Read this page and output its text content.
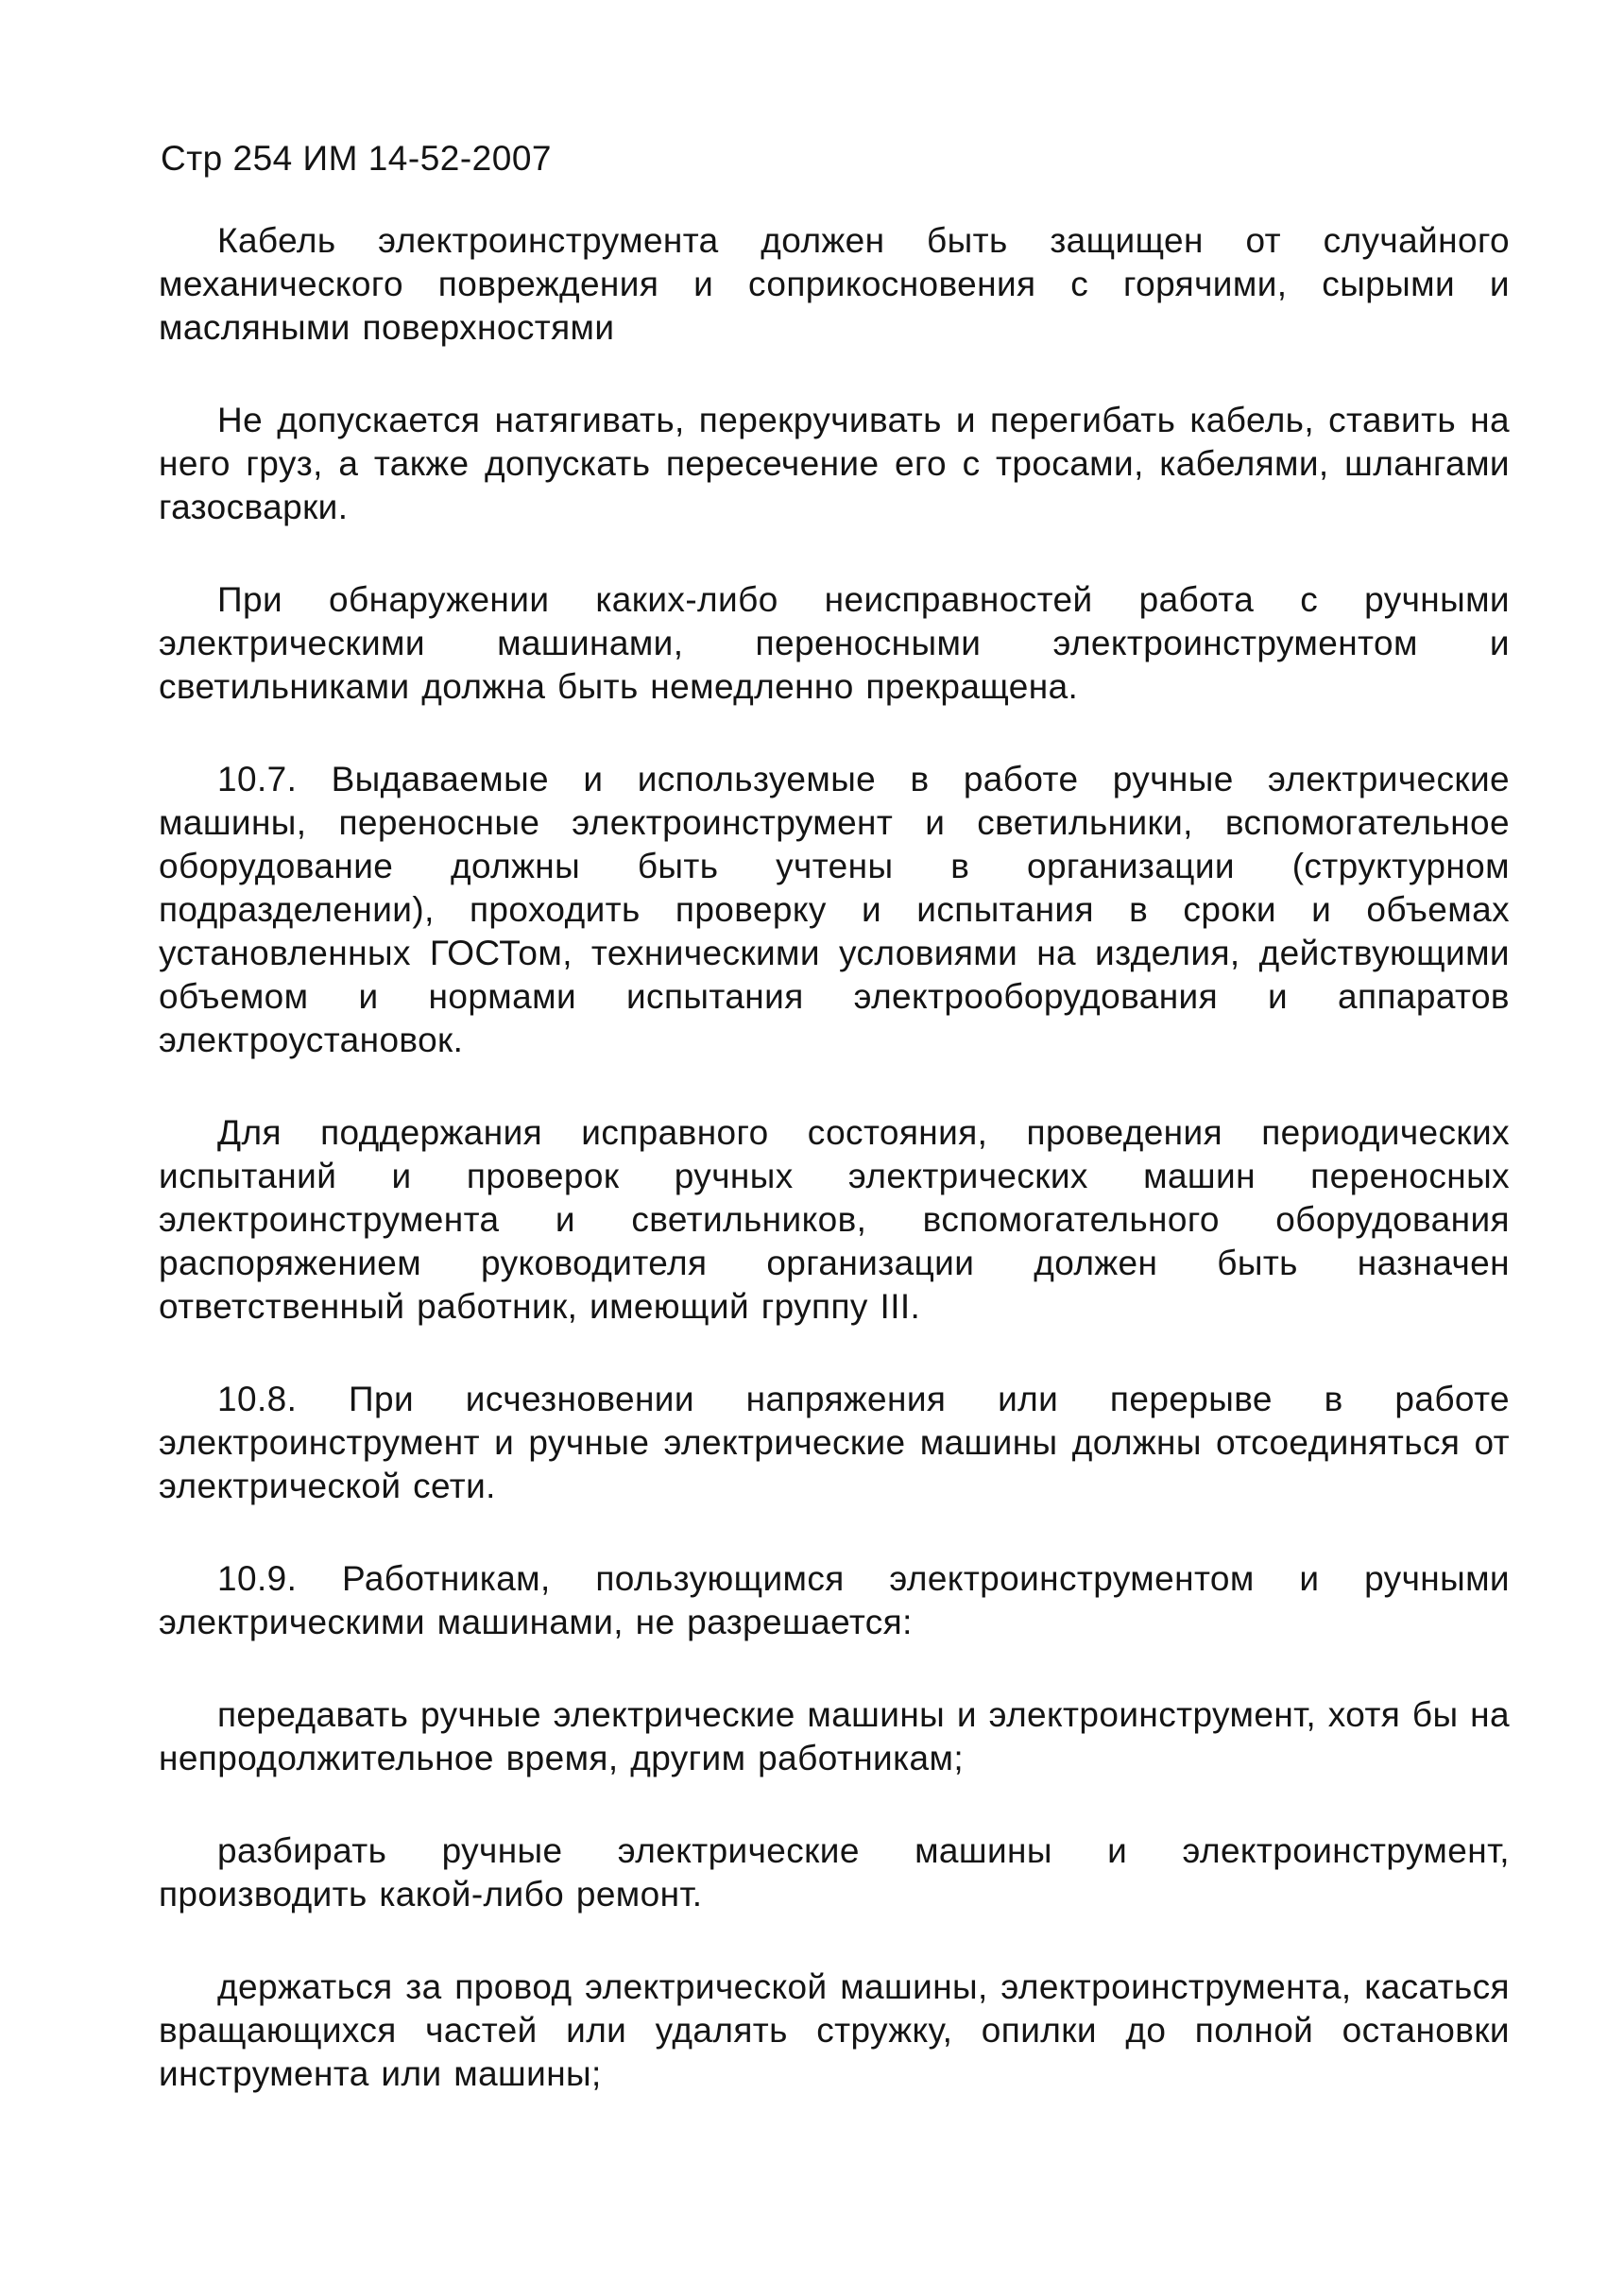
Стр 254 ИМ 14-52-2007

Кабель электроинструмента должен быть защищен от случайного механического повреждения и соприкосновения с горячими, сырыми и масляными поверхностями

Не допускается натягивать, перекручивать и перегибать кабель, ставить на него груз, а также допускать пересечение его с тросами, кабелями, шлангами газосварки.

При обнаружении каких-либо неисправностей работа с ручными электрическими машинами, переносными электроинструментом и светильниками должна быть немедленно прекращена.

10.7. Выдаваемые и используемые в работе ручные электрические машины, переносные электроинструмент и светильники, вспомогательное оборудование должны быть учтены в организации (структурном подразделении), проходить проверку и испытания в сроки и объемах установленных ГОСТом, техническими условиями на изделия, действующими объемом и нормами испытания электрооборудования и аппаратов электроустановок.

Для поддержания исправного состояния, проведения периодических испытаний и проверок ручных электрических машин переносных электроинструмента и светильников, вспомогательного оборудования распоряжением руководителя организации должен быть назначен ответственный работник, имеющий группу III.

10.8. При исчезновении напряжения или перерыве в работе электроинструмент и ручные электрические машины должны отсоединяться от электрической сети.

10.9. Работникам, пользующимся электроинструментом и ручными электрическими машинами, не разрешается:

передавать ручные электрические машины и электроинструмент, хотя бы на непродолжительное время, другим работникам;

разбирать ручные электрические машины и электроинструмент, производить какой-либо ремонт.

держаться за провод электрической машины, электроинструмента, касаться вращающихся частей или удалять стружку, опилки до полной остановки инструмента или машины;
